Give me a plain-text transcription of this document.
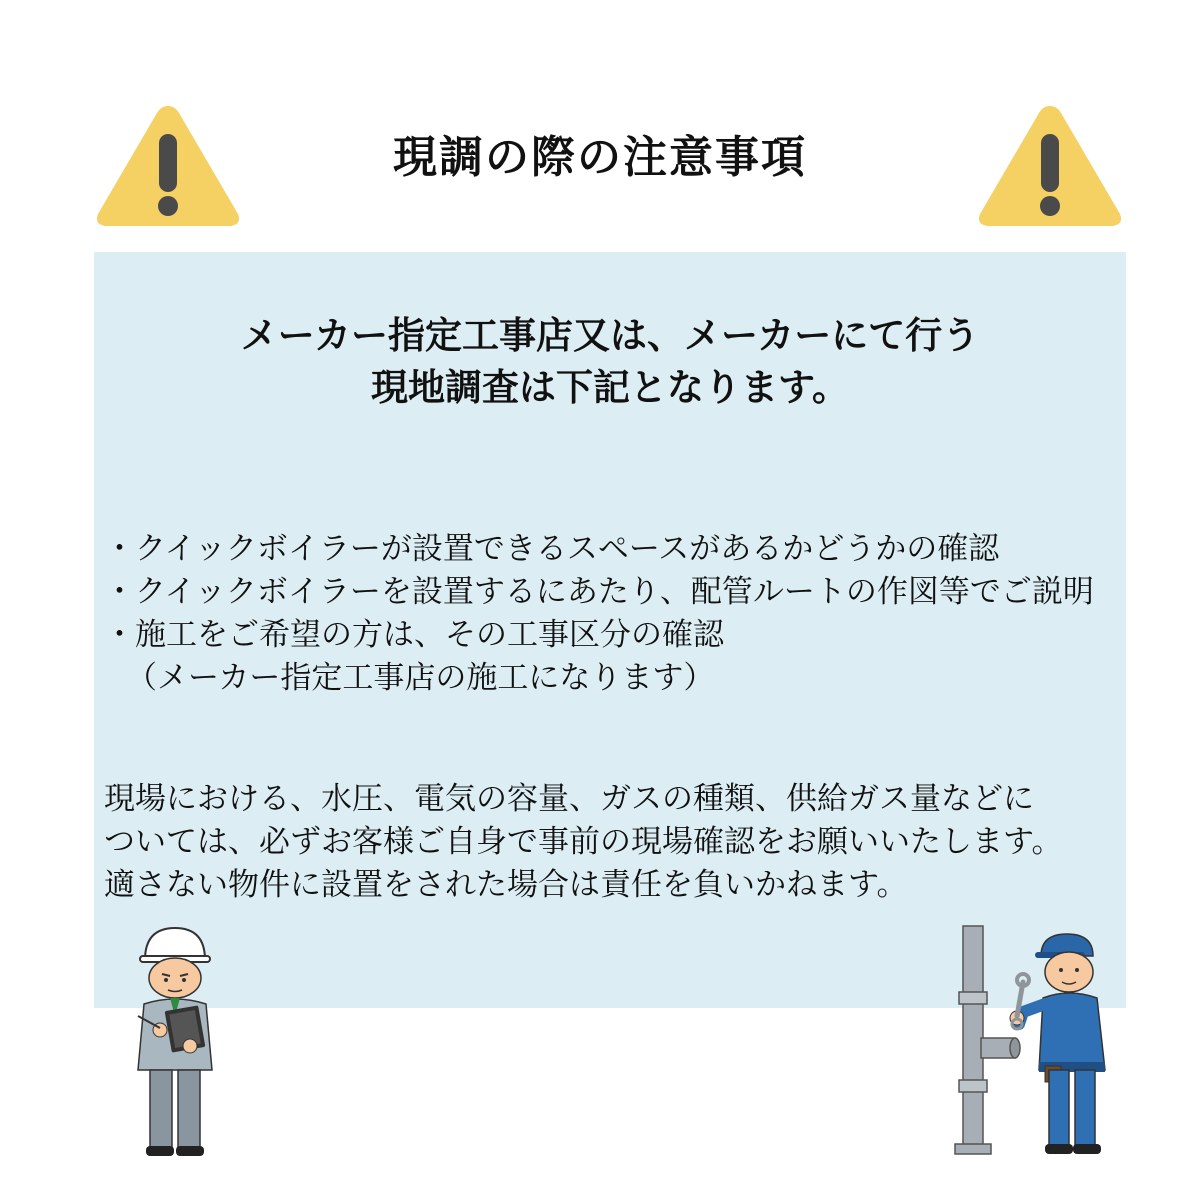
現調の際の注意事項
メーカー指定工事店又は、メーカーにて行う
現地調査は下記となります。
・クイックボイラーが設置できるスペースがあるかどうかの確認
・クイックボイラーを設置するにあたり、配管ルートの作図等でご説明
・施工をご希望の方は、その工事区分の確認
（メーカー指定工事店の施工になります）
現場における、水圧、電気の容量、ガスの種類、供給ガス量などに
ついては、必ずお客様ご自身で事前の現場確認をお願いいたします。
適さない物件に設置をされた場合は責任を負いかねます。
